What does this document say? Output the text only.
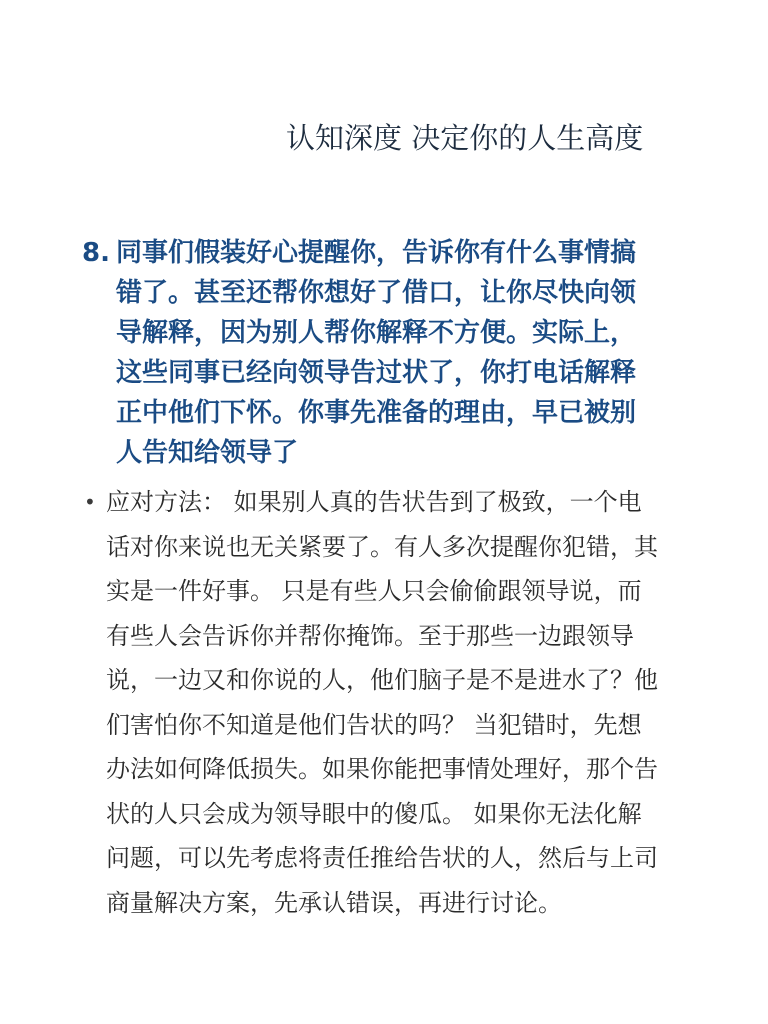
认知深度 决定你的人生高度
8. 同事们假装好心提醒你，告诉你有什么事情搞
错了。甚至还帮你想好了借口，让你尽快向领
导解释，因为别人帮你解释不方便。实际上，
这些同事已经向领导告过状了，你打电话解释
正中他们下怀。你事先准备的理由，早已被别
人告知给领导了
• 应对方法： 如果别人真的告状告到了极致，一个电
话对你来说也无关紧要了。有人多次提醒你犯错，其
实是一件好事。 只是有些人只会偷偷跟领导说，而
有些人会告诉你并帮你掩饰。至于那些一边跟领导
说，一边又和你说的人，他们脑子是不是进水了？他
们害怕你不知道是他们告状的吗？ 当犯错时，先想
办法如何降低损失。如果你能把事情处理好，那个告
状的人只会成为领导眼中的傻瓜。 如果你无法化解
问题，可以先考虑将责任推给告状的人，然后与上司
商量解决方案，先承认错误，再进行讨论。
